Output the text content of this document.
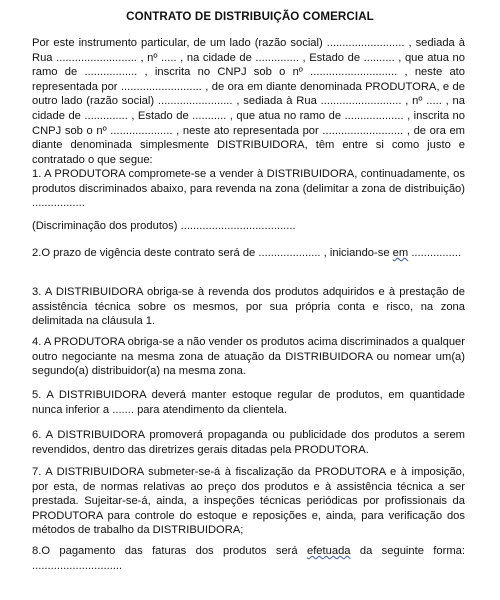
CONTRATO DE DISTRIBUIÇÃO COMERCIAL

Por este instrumento particular, de um lado (razão social) ......................... , sediada à Rua .......................... , nº ..... , na cidade de .............. , Estado de .......... , que atua no ramo de ................. , inscrita no CNPJ sob o nº ............................ , neste ato representada por .......................... , de ora em diante denominada PRODUTORA, e de outro lado (razão social) ........................ , sediada à Rua .......................... , nº ..... , na cidade de .............. , Estado de ........... , que atua no ramo de ................... , inscrita no CNPJ sob o nº .................... , neste ato representada por .......................... , de ora em diante denominada simplesmente DISTRIBUIDORA, têm entre si como justo e contratado o que segue:

1. A PRODUTORA compromete-se a vender à DISTRIBUIDORA, continuadamente, os produtos discriminados abaixo, para revenda na zona (delimitar a zona de distribuição) .................

(Discriminação dos produtos) .....................................

2.O prazo de vigência deste contrato será de .................... , iniciando-se em ................

3. A DISTRIBUIDORA obriga-se à revenda dos produtos adquiridos e à prestação de assistência técnica sobre os mesmos, por sua própria conta e risco, na zona delimitada na cláusula 1.

4. A PRODUTORA obriga-se a não vender os produtos acima discriminados a qualquer outro negociante na mesma zona de atuação da DISTRIBUIDORA ou nomear um(a) segundo(a) distribuidor(a) na mesma zona.

5. A DISTRIBUIDORA deverá manter estoque regular de produtos, em quantidade nunca inferior a ....... para atendimento da clientela.

6. A DISTRIBUIDORA promoverá propaganda ou publicidade dos produtos a serem revendidos, dentro das diretrizes gerais ditadas pela PRODUTORA.

7. A DISTRIBUIDORA submeter-se-á à fiscalização da PRODUTORA e à imposição, por esta, de normas relativas ao preço dos produtos e à assistência técnica a ser prestada. Sujeitar-se-á, ainda, a inspeções técnicas periódicas por profissionais da PRODUTORA para controle do estoque e reposições e, ainda, para verificação dos métodos de trabalho da DISTRIBUIDORA;

8.O pagamento das faturas dos produtos será efetuada da seguinte forma: .............................
